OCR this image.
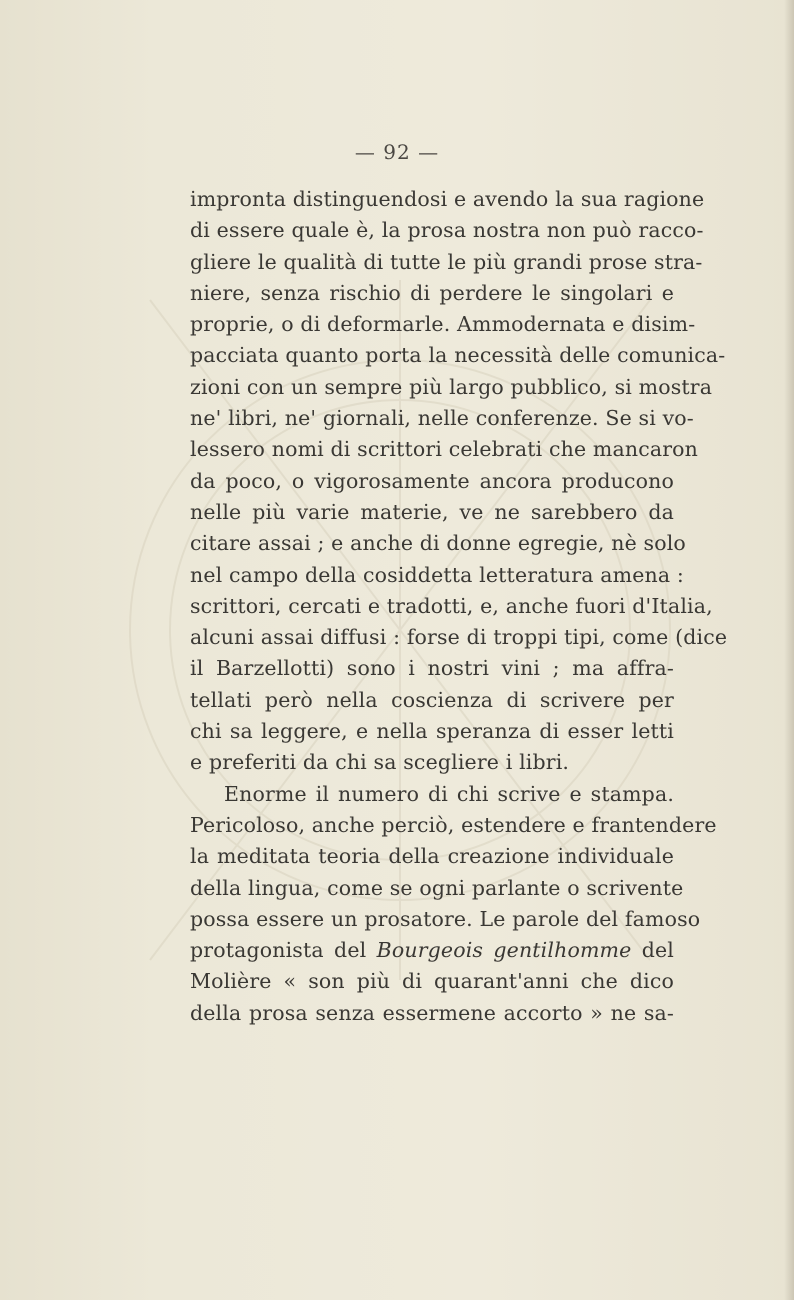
— 92 —
impronta distinguendosi e avendo la sua ragione
di essere quale è, la prosa nostra non può racco-
gliere le qualità di tutte le più grandi prose stra-
niere, senza rischio di perdere le singolari e
proprie, o di deformarle. Ammodernata e disim-
pacciata quanto porta la necessità delle comunica-
zioni con un sempre più largo pubblico, si mostra
ne' libri, ne' giornali, nelle conferenze. Se si vo-
lessero nomi di scrittori celebrati che mancaron
da poco, o vigorosamente ancora producono
nelle più varie materie, ve ne sarebbero da
citare assai ; e anche di donne egregie, nè solo
nel campo della cosiddetta letteratura amena :
scrittori, cercati e tradotti, e, anche fuori d'Italia,
alcuni assai diffusi : forse di troppi tipi, come (dice
il Barzellotti) sono i nostri vini ; ma affra-
tellati però nella coscienza di scrivere per
chi sa leggere, e nella speranza di esser letti
e preferiti da chi sa scegliere i libri.
Enorme il numero di chi scrive e stampa.
Pericoloso, anche perciò, estendere e frantendere
la meditata teoria della creazione individuale
della lingua, come se ogni parlante o scrivente
possa essere un prosatore. Le parole del famoso
protagonista del Bourgeois gentilhomme del
Molière « son più di quarant'anni che dico
della prosa senza essermene accorto » ne sa-
